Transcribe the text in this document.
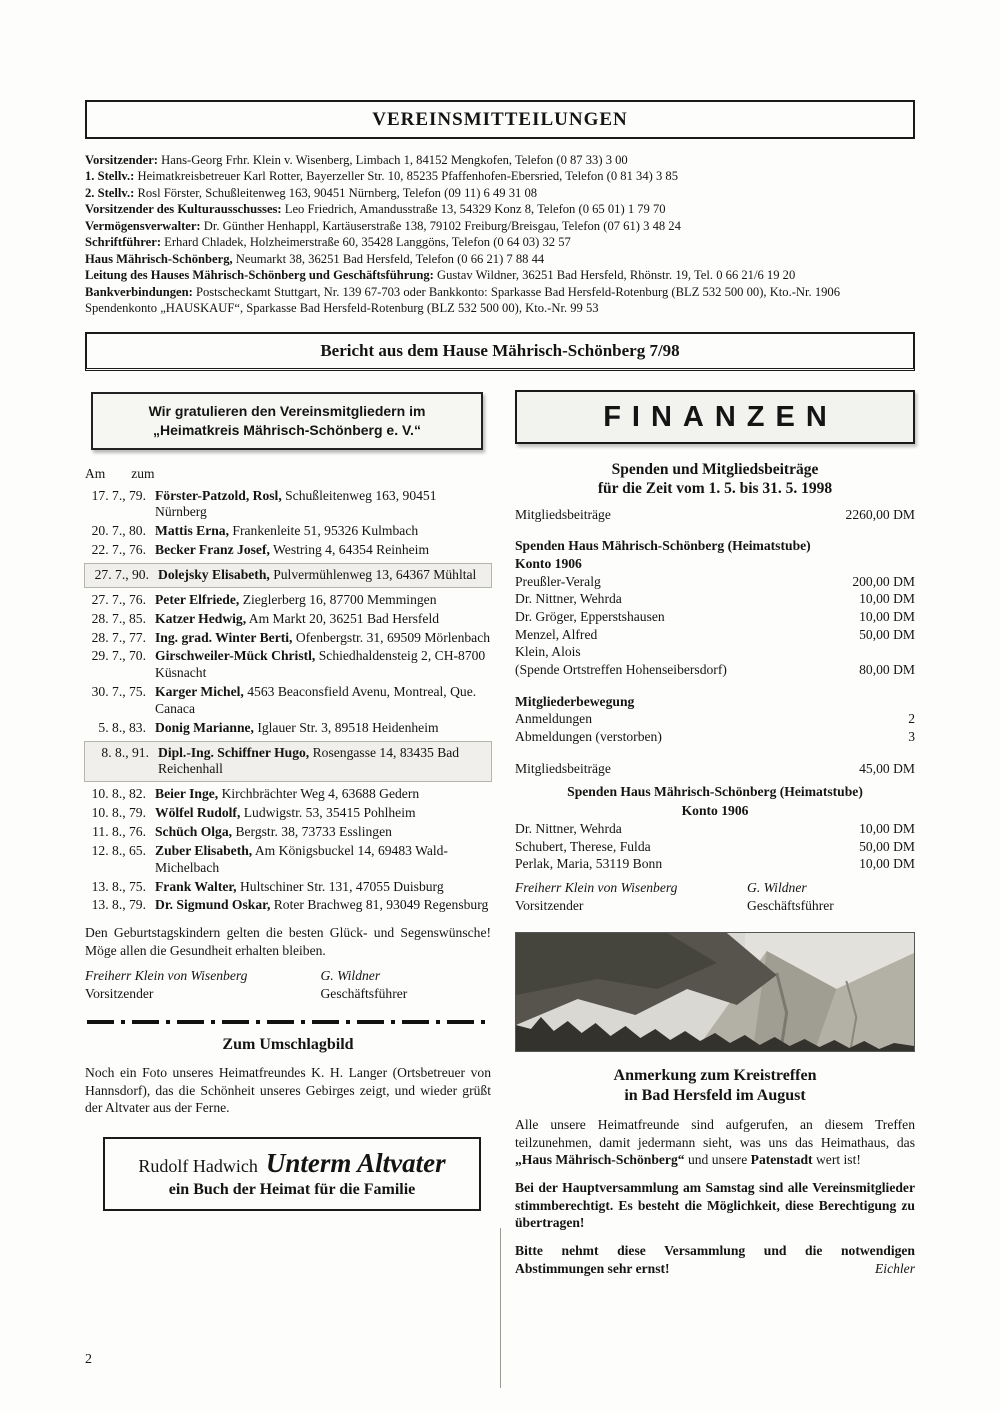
VEREINSMITTEILUNGEN

Vorsitzender: Hans-Georg Frhr. Klein v. Wisenberg, Limbach 1, 84152 Mengkofen, Telefon (0 87 33) 3 00

1. Stellv.: Heimatkreisbetreuer Karl Rotter, Bayerzeller Str. 10, 85235 Pfaffenhofen-Ebersried, Telefon (0 81 34) 3 85

2. Stellv.: Rosl Förster, Schußleitenweg 163, 90451 Nürnberg, Telefon (09 11) 6 49 31 08

Vorsitzender des Kulturausschusses: Leo Friedrich, Amandusstraße 13, 54329 Konz 8, Telefon (0 65 01) 1 79 70

Vermögensverwalter: Dr. Günther Henhappl, Kartäuserstraße 138, 79102 Freiburg/Breisgau, Telefon (07 61) 3 48 24

Schriftführer: Erhard Chladek, Holzheimerstraße 60, 35428 Langgöns, Telefon (0 64 03) 32 57

Haus Mährisch-Schönberg, Neumarkt 38, 36251 Bad Hersfeld, Telefon (0 66 21) 7 88 44

Leitung des Hauses Mährisch-Schönberg und Geschäftsführung: Gustav Wildner, 36251 Bad Hersfeld, Rhönstr. 19, Tel. 0 66 21/6 19 20

Bankverbindungen: Postscheckamt Stuttgart, Nr. 139 67-703 oder Bankkonto: Sparkasse Bad Hersfeld-Rotenburg (BLZ 532 500 00), Kto.-Nr. 1906

Spendenkonto „HAUSKAUF“, Sparkasse Bad Hersfeld-Rotenburg (BLZ 532 500 00), Kto.-Nr. 99 53

Bericht aus dem Hause Mährisch-Schönberg 7/98
Wir gratulieren den Vereinsmitgliedern im
„Heimatkreis Mährisch-Schönberg e. V.“
Am zum
17. 7., 79. Förster-Patzold, Rosl, Schußleitenweg 163, 90451 Nürnberg
20. 7., 80. Mattis Erna, Frankenleite 51, 95326 Kulmbach
22. 7., 76. Becker Franz Josef, Westring 4, 64354 Reinheim
27. 7., 90. Dolejsky Elisabeth, Pulvermühlenweg 13, 64367 Mühltal
27. 7., 76. Peter Elfriede, Zieglerberg 16, 87700 Memmingen
28. 7., 85. Katzer Hedwig, Am Markt 20, 36251 Bad Hersfeld
28. 7., 77. Ing. grad. Winter Berti, Ofenbergstr. 31, 69509 Mörlenbach
29. 7., 70. Girschweiler-Mück Christl, Schiedhaldensteig 2, CH-8700 Küsnacht
30. 7., 75. Karger Michel, 4563 Beaconsfield Avenu, Montreal, Que. Canaca
5. 8., 83. Donig Marianne, Iglauer Str. 3, 89518 Heidenheim
8. 8., 91. Dipl.-Ing. Schiffner Hugo, Rosengasse 14, 83435 Bad Reichenhall
10. 8., 82. Beier Inge, Kirchbrächter Weg 4, 63688 Gedern
10. 8., 79. Wölfel Rudolf, Ludwigstr. 53, 35415 Pohlheim
11. 8., 76. Schüch Olga, Bergstr. 38, 73733 Esslingen
12. 8., 65. Zuber Elisabeth, Am Königsbuckel 14, 69483 Wald-Michelbach
13. 8., 75. Frank Walter, Hultschiner Str. 131, 47055 Duisburg
13. 8., 79. Dr. Sigmund Oskar, Roter Brachweg 81, 93049 Regensburg

Den Geburtstagskindern gelten die besten Glück- und Segenswünsche! Möge allen die Gesundheit erhalten bleiben.

Freiherr Klein von Wisenberg	G. Wildner
Vorsitzender	Geschäftsführer
Zum Umschlagbild

Noch ein Foto unseres Heimatfreundes K. H. Langer (Ortsbetreuer von Hannsdorf), das die Schönheit unseres Gebirges zeigt, und wieder grüßt der Altvater aus der Ferne.

Rudolf Hadwich Unterm Altvater
ein Buch der Heimat für die Familie
FINANZEN
Spenden und Mitgliedsbeiträge
für die Zeit vom 1. 5. bis 31. 5. 1998
Mitgliedsbeiträge	2260,00 DM
Spenden Haus Mährisch-Schönberg (Heimatstube)
Konto 1906
Preußler-Veralg	200,00 DM
Dr. Nittner, Wehrda	10,00 DM
Dr. Gröger, Epperstshausen	10,00 DM
Menzel, Alfred	50,00 DM
Klein, Alois
(Spende Ortstreffen Hohenseibersdorf)	80,00 DM
Mitgliederbewegung
Anmeldungen	2
Abmeldungen (verstorben)	3
Mitgliedsbeiträge	45,00 DM
Spenden Haus Mährisch-Schönberg (Heimatstube)
Konto 1906
Dr. Nittner, Wehrda	10,00 DM
Schubert, Therese, Fulda	50,00 DM
Perlak, Maria, 53119 Bonn	10,00 DM
Freiherr Klein von Wisenberg	G. Wildner
Vorsitzender	Geschäftsführer
Anmerkung zum Kreistreffen
in Bad Hersfeld im August

Alle unsere Heimatfreunde sind aufgerufen, an diesem Treffen teilzunehmen, damit jedermann sieht, was uns das Heimathaus, das „Haus Mährisch-Schönberg“ und unsere Patenstadt wert ist!

Bei der Hauptversammlung am Samstag sind alle Vereinsmitglieder stimmberechtigt. Es besteht die Möglichkeit, diese Berechtigung zu übertragen!

Bitte nehmt diese Versammlung und die notwendigen Abstimmungen sehr ernst!	Eichler

2
